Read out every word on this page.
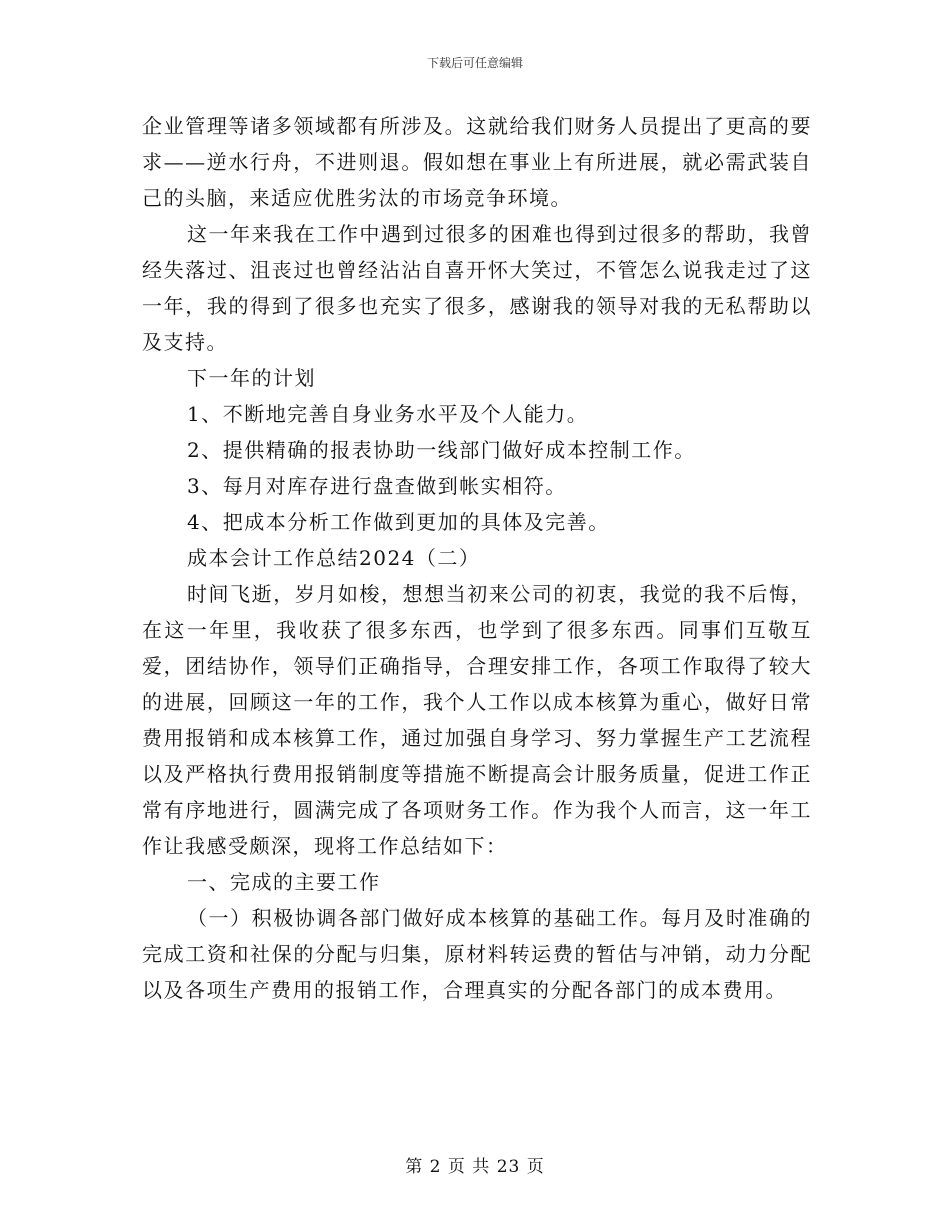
下载后可任意编辑

企业管理等诸多领域都有所涉及。这就给我们财务人员提出了更高的要求——逆水行舟，不进则退。假如想在事业上有所进展，就必需武装自己的头脑，来适应优胜劣汰的市场竞争环境。

这一年来我在工作中遇到过很多的困难也得到过很多的帮助，我曾经失落过、沮丧过也曾经沾沾自喜开怀大笑过，不管怎么说我走过了这一年，我的得到了很多也充实了很多，感谢我的领导对我的无私帮助以及支持。

下一年的计划

1、不断地完善自身业务水平及个人能力。

2、提供精确的报表协助一线部门做好成本控制工作。

3、每月对库存进行盘查做到帐实相符。

4、把成本分析工作做到更加的具体及完善。

成本会计工作总结2024（二）

时间飞逝，岁月如梭，想想当初来公司的初衷，我觉的我不后悔，在这一年里，我收获了很多东西，也学到了很多东西。同事们互敬互爱，团结协作，领导们正确指导，合理安排工作，各项工作取得了较大的进展，回顾这一年的工作，我个人工作以成本核算为重心，做好日常费用报销和成本核算工作，通过加强自身学习、努力掌握生产工艺流程以及严格执行费用报销制度等措施不断提高会计服务质量，促进工作正常有序地进行，圆满完成了各项财务工作。作为我个人而言，这一年工作让我感受颇深，现将工作总结如下：

一、完成的主要工作

（一）积极协调各部门做好成本核算的基础工作。每月及时准确的完成工资和社保的分配与归集，原材料转运费的暂估与冲销，动力分配以及各项生产费用的报销工作，合理真实的分配各部门的成本费用。

第 2 页 共 23 页
